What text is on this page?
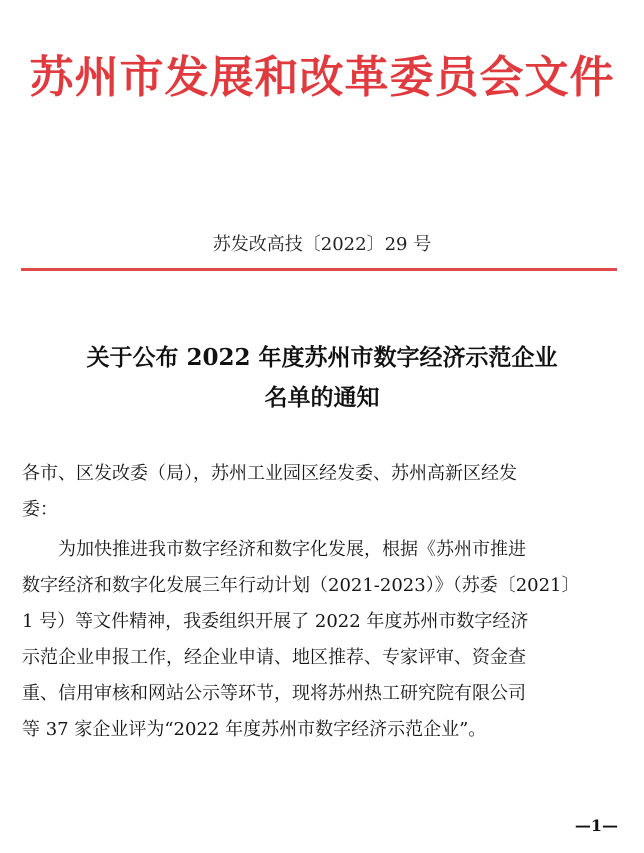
苏州市发展和改革委员会文件
苏发改高技〔2022〕29 号
关于公布 2022 年度苏州市数字经济示范企业
名单的通知
各市、区发改委（局），苏州工业园区经发委、苏州高新区经发
委：
为加快推进我市数字经济和数字化发展，根据《苏州市推进
数字经济和数字化发展三年行动计划（2021-2023）》（苏委〔2021〕
1 号）等文件精神，我委组织开展了 2022 年度苏州市数字经济
示范企业申报工作，经企业申请、地区推荐、专家评审、资金查
重、信用审核和网站公示等环节，现将苏州热工研究院有限公司
等 37 家企业评为“2022 年度苏州市数字经济示范企业”。
—1—
